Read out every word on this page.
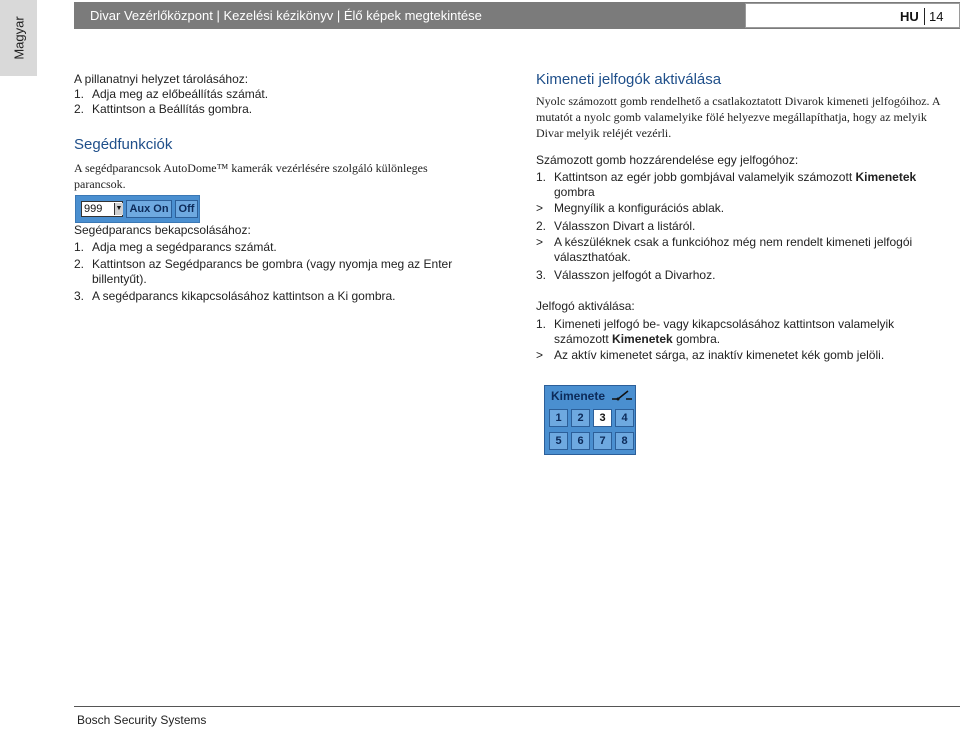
Magyar
Divar Vezérlőközpont | Kezelési kézikönyv | Élő képek megtekintése	HU 14

A pillanatnyi helyzet tárolásához:

1. Adja meg az előbeállítás számát.
2. Kattintson a Beállítás gombra.
Segédfunkciók

A segédparancsok AutoDome™ kamerák vezérlésére szolgáló különleges parancsok.

999 ▼ Aux On Off

Segédparancs bekapcsolásához:

1. Adja meg a segédparancs számát.
2. Kattintson az Segédparancs be gombra (vagy nyomja meg az Enter billentyűt).
3. A segédparancs kikapcsolásához kattintson a Ki gombra.
Kimeneti jelfogók aktiválása

Nyolc számozott gomb rendelhető a csatlakoztatott Divarok kimeneti jelfogóihoz. A mutatót a nyolc gomb valamelyike fölé helyezve megállapíthatja, hogy az melyik Divar melyik reléjét vezérli.

Számozott gomb hozzárendelése egy jelfogóhoz:

1. Kattintson az egér jobb gombjával valamelyik számozott Kimenetek gombra
> Megnyílik a konfigurációs ablak.
2. Válasszon Divart a listáról.
> A készüléknek csak a funkcióhoz még nem rendelt kimeneti jelfogói választhatóak.
3. Válasszon jelfogót a Divarhoz.

Jelfogó aktiválása:

1. Kimeneti jelfogó be- vagy kikapcsolásához kattintson valamelyik számozott Kimenetek gombra.
> Az aktív kimenetet sárga, az inaktív kimenetet kék gomb jelöli.
Kimenete
1	2	3	4
5	6	7	8
Bosch Security Systems
